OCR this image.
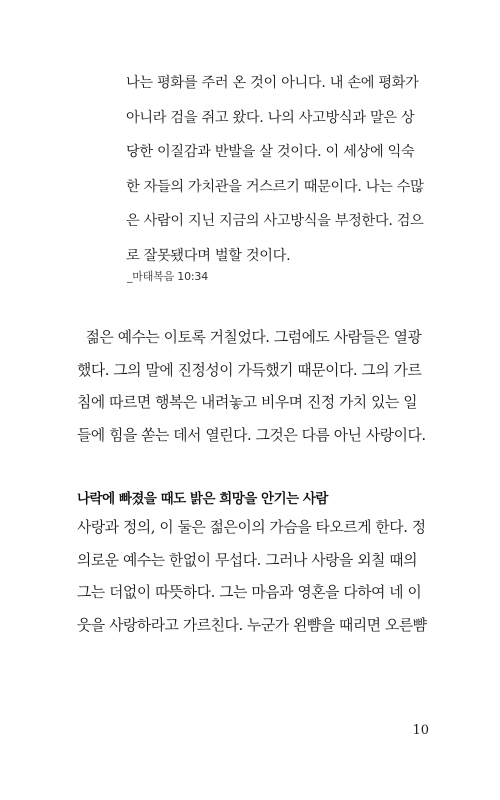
나는 평화를 주러 온 것이 아니다. 내 손에 평화가
아니라 검을 쥐고 왔다. 나의 사고방식과 말은 상
당한 이질감과 반발을 살 것이다. 이 세상에 익숙
한 자들의 가치관을 거스르기 때문이다. 나는 수많
은 사람이 지닌 지금의 사고방식을 부정한다. 검으
로 잘못됐다며 벌할 것이다.
_마태복음 10:34
젊은 예수는 이토록 거칠었다. 그럼에도 사람들은 열광
했다. 그의 말에 진정성이 가득했기 때문이다. 그의 가르
침에 따르면 행복은 내려놓고 비우며 진정 가치 있는 일
들에 힘을 쏟는 데서 열린다. 그것은 다름 아닌 사랑이다.
나락에 빠졌을 때도 밝은 희망을 안기는 사람
사랑과 정의, 이 둘은 젊은이의 가슴을 타오르게 한다. 정
의로운 예수는 한없이 무섭다. 그러나 사랑을 외칠 때의
그는 더없이 따뜻하다. 그는 마음과 영혼을 다하여 네 이
웃을 사랑하라고 가르친다. 누군가 왼뺨을 때리면 오른뺨
10
